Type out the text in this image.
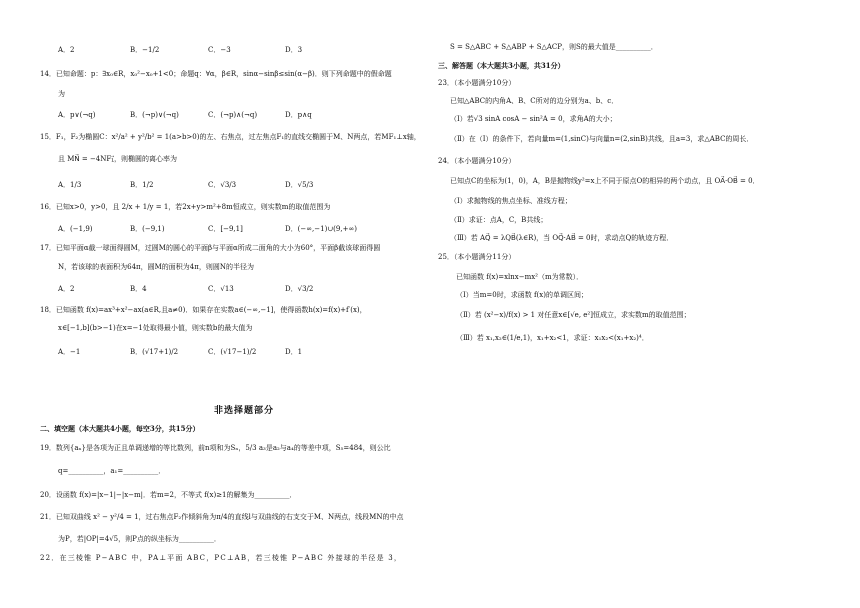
A．2	B．−1/2	C．−3	D．3
14．已知命题：p：∃x₀∈R，x₀²−x₀+1<0；命题q：∀α，β∈R，sinα−sinβ≤sin(α−β)．则下列命题中的假命题
为
A．p∨(¬q)	B．(¬p)∨(¬q)	C．(¬p)∧(¬q)	D．p∧q
15．F₁，F₂为椭圆C：x²/a² + y²/b² = 1(a>b>0)的左、右焦点，过左焦点F₁的直线交椭圆于M、N两点，若MF₁⊥x轴，
且 MN⃗ = −4NF₁⃗，则椭圆的离心率为
A．1/3	B．1/2	C．√3/3	D．√5/3
16．已知x>0，y>0，且 2/x + 1/y = 1，若2x+y>m²+8m恒成立，则实数m的取值范围为
A．(−1,9)	B．(−9,1)	C．[−9,1]	D．(−∞,−1)∪(9,+∞)
17．已知平面α截一球面得圆M，过圆M的圆心的平面β与平面α所成二面角的大小为60°，平面β截该球面得圆
N，若该球的表面积为64π，圆M的面积为4π，则圆N的半径为
A．2	B．4	C．√13	D．√3/2
18．已知函数 f(x)=ax³+x²−ax(a∈R,且a≠0)．如果存在实数a∈(−∞,−1]，使得函数h(x)=f(x)+f′(x)，
x∈[−1,b](b>−1)在x=−1处取得最小值，则实数b的最大值为
A．−1	B．(√17+1)/2	C．(√17−1)/2	D．1
非选择题部分
二、填空题（本大题共4小题，每空3分，共15分）
19．数列{aₙ}是各项为正且单调递增的等比数列，前n项和为Sₙ，5/3 a₃是a₂与a₄的等差中项，S₅=484，则公比
q=__________，a₁=__________．
20．设函数 f(x)=|x−1|−|x−m|．若m=2，不等式 f(x)≥1的解集为__________．
21．已知双曲线 x² − y²/4 = 1，过右焦点F₂作倾斜角为π/4的直线l与双曲线的右支交于M、N两点，线段MN的中点
为P，若|OP|=4√5，则P点的纵坐标为__________．
22．在三棱锥 P−ABC 中，PA⊥平面 ABC，PC⊥AB，若三棱锥 P−ABC 外接球的半径是 3，
S = S△ABC + S△ABP + S△ACP，则S的最大值是__________．
三、解答题（本大题共3小题，共31分）
23．（本小题满分10分）
已知△ABC的内角A、B、C所对的边分别为a、b、c．
（Ⅰ）若√3 sinA cosA − sin²A = 0，求角A的大小；
（Ⅱ）在（Ⅰ）的条件下，若向量m=(1,sinC)与向量n=(2,sinB)共线，且a=3，求△ABC的周长．
24．（本小题满分10分）
已知点C的坐标为(1，0)，A，B是抛物线y²=x上不同于原点O的相异的两个动点，且 OA⃗·OB⃗ = 0．
（Ⅰ）求抛物线的焦点坐标、准线方程；
（Ⅱ）求证：点A，C，B共线；
（Ⅲ）若 AQ⃗ = λQB⃗(λ∈R)，当 OQ⃗·AB⃗ = 0时，求动点Q的轨迹方程．
25．（本小题满分11分）
已知函数 f(x)=xlnx−mx²（m为常数）．
（Ⅰ）当m=0时，求函数 f(x)的单调区间；
（Ⅱ）若 (x²−x)/f(x) > 1 对任意x∈[√e, e²]恒成立，求实数m的取值范围；
（Ⅲ）若 x₁,x₂∈(1/e,1)，x₁+x₂<1，求证：x₁x₂<(x₁+x₂)⁴．
